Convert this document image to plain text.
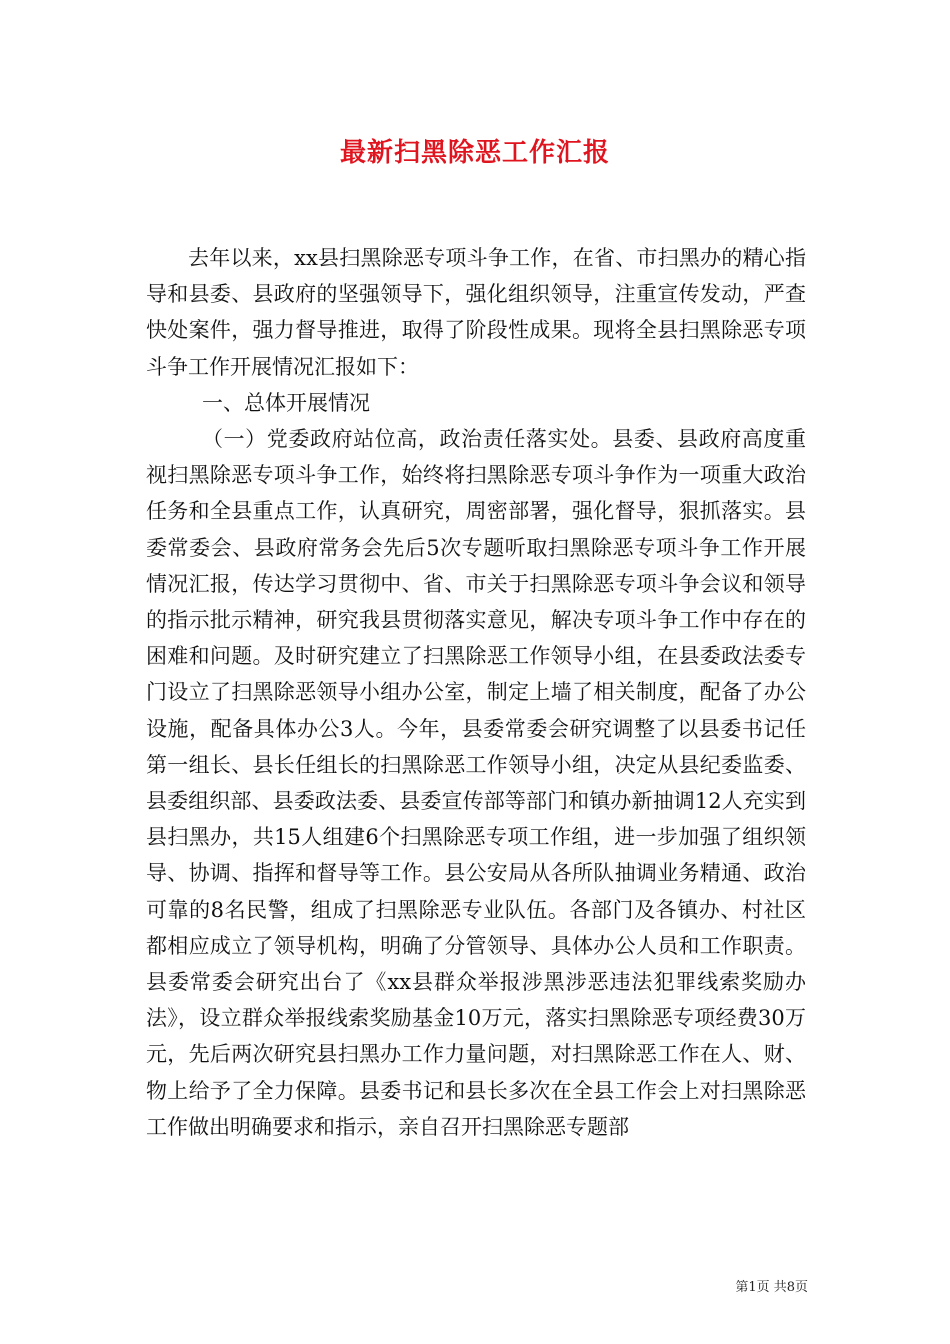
最新扫黑除恶工作汇报

去年以来，xx县扫黑除恶专项斗争工作，在省、市扫黑办的精心指导和县委、县政府的坚强领导下，强化组织领导，注重宣传发动，严查快处案件，强力督导推进，取得了阶段性成果。现将全县扫黑除恶专项斗争工作开展情况汇报如下：

一、总体开展情况

（一）党委政府站位高，政治责任落实处。县委、县政府高度重视扫黑除恶专项斗争工作，始终将扫黑除恶专项斗争作为一项重大政治任务和全县重点工作，认真研究，周密部署，强化督导，狠抓落实。县委常委会、县政府常务会先后5次专题听取扫黑除恶专项斗争工作开展情况汇报，传达学习贯彻中、省、市关于扫黑除恶专项斗争会议和领导的指示批示精神，研究我县贯彻落实意见，解决专项斗争工作中存在的困难和问题。及时研究建立了扫黑除恶工作领导小组，在县委政法委专门设立了扫黑除恶领导小组办公室，制定上墙了相关制度，配备了办公设施，配备具体办公3人。今年，县委常委会研究调整了以县委书记任第一组长、县长任组长的扫黑除恶工作领导小组，决定从县纪委监委、县委组织部、县委政法委、县委宣传部等部门和镇办新抽调12人充实到县扫黑办，共15人组建6个扫黑除恶专项工作组，进一步加强了组织领导、协调、指挥和督导等工作。县公安局从各所队抽调业务精通、政治可靠的8名民警，组成了扫黑除恶专业队伍。各部门及各镇办、村社区都相应成立了领导机构，明确了分管领导、具体办公人员和工作职责。县委常委会研究出台了《xx县群众举报涉黑涉恶违法犯罪线索奖励办法》，设立群众举报线索奖励基金10万元，落实扫黑除恶专项经费30万元，先后两次研究县扫黑办工作力量问题，对扫黑除恶工作在人、财、物上给予了全力保障。县委书记和县长多次在全县工作会上对扫黑除恶工作做出明确要求和指示，亲自召开扫黑除恶专题部

第1页 共8页
